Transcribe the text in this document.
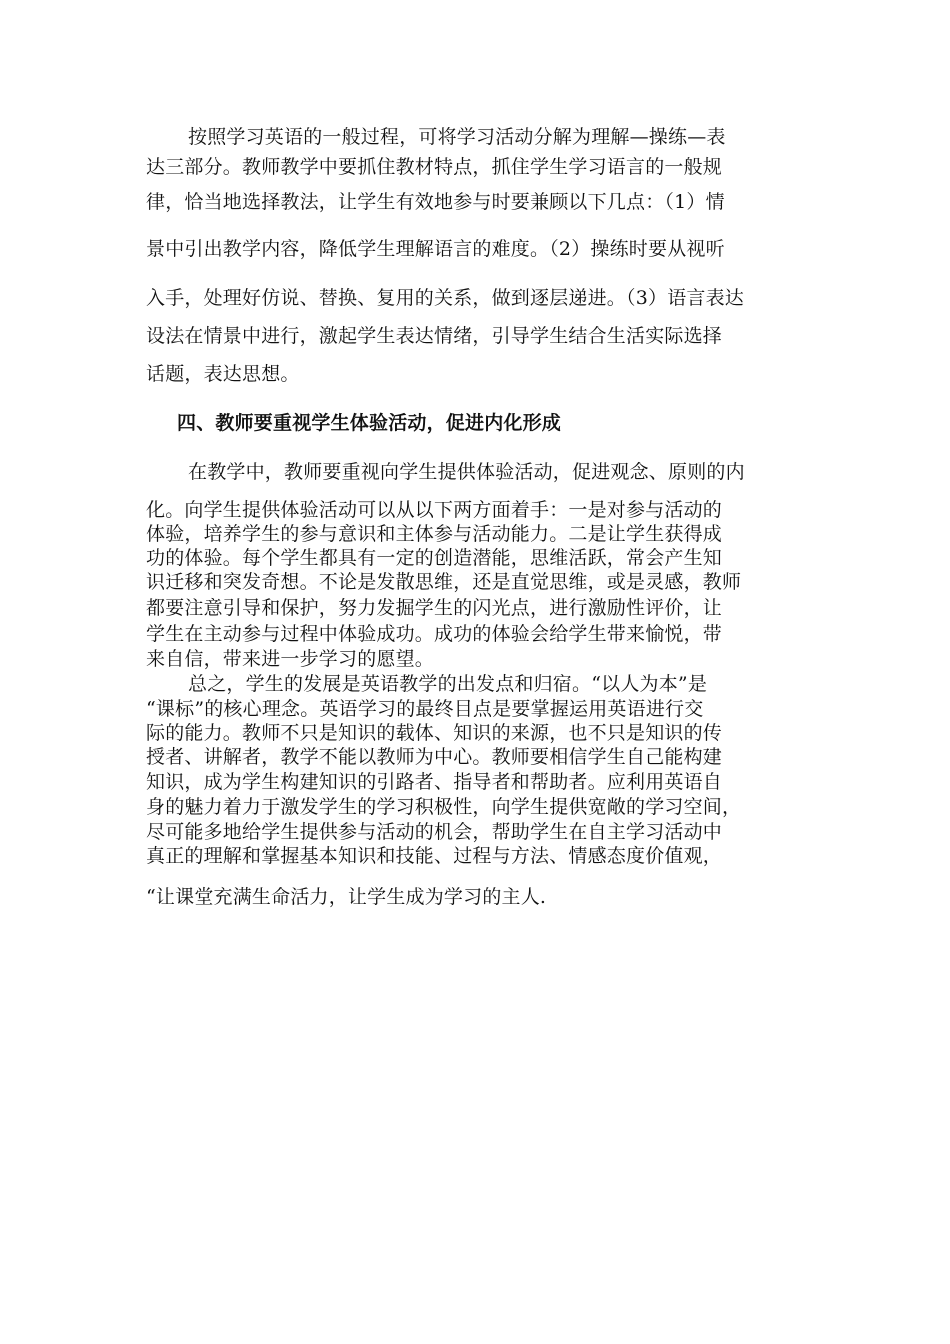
按照学习英语的一般过程，可将学习活动分解为理解—操练—表
达三部分。教师教学中要抓住教材特点，抓住学生学习语言的一般规
律，恰当地选择教法，让学生有效地参与时要兼顾以下几点：（1）情
景中引出教学内容，降低学生理解语言的难度。（2）操练时要从视听
入手，处理好仿说、替换、复用的关系，做到逐层递进。（3）语言表达
设法在情景中进行，激起学生表达情绪，引导学生结合生活实际选择
话题，表达思想。
四、教师要重视学生体验活动，促进内化形成
在教学中，教师要重视向学生提供体验活动，促进观念、原则的内
化。向学生提供体验活动可以从以下两方面着手：一是对参与活动的
体验，培养学生的参与意识和主体参与活动能力。二是让学生获得成
功的体验。每个学生都具有一定的创造潜能，思维活跃，常会产生知
识迁移和突发奇想。不论是发散思维，还是直觉思维，或是灵感，教师
都要注意引导和保护，努力发掘学生的闪光点，进行激励性评价，让
学生在主动参与过程中体验成功。成功的体验会给学生带来愉悦，带
来自信，带来进一步学习的愿望。
总之，学生的发展是英语教学的出发点和归宿。“以人为本”是
“课标”的核心理念。英语学习的最终目点是要掌握运用英语进行交
际的能力。教师不只是知识的载体、知识的来源，也不只是知识的传
授者、讲解者，教学不能以教师为中心。教师要相信学生自己能构建
知识，成为学生构建知识的引路者、指导者和帮助者。应利用英语自
身的魅力着力于激发学生的学习积极性，向学生提供宽敞的学习空间，
尽可能多地给学生提供参与活动的机会，帮助学生在自主学习活动中
真正的理解和掌握基本知识和技能、过程与方法、情感态度价值观，
“让课堂充满生命活力，让学生成为学习的主人.
